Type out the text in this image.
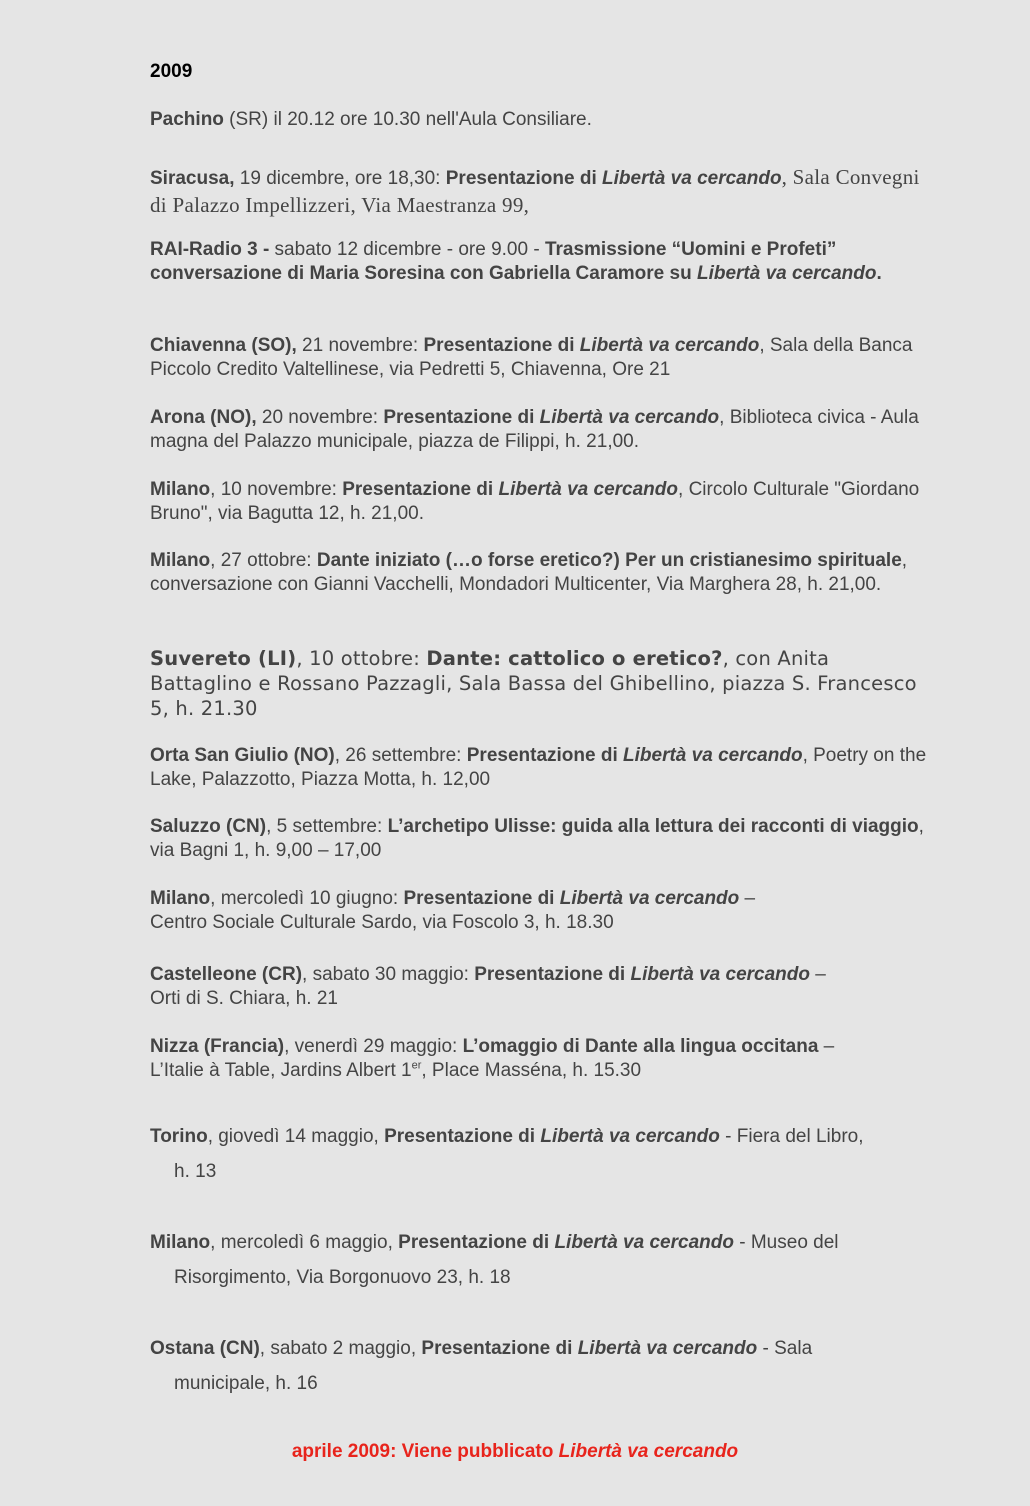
2009
Pachino (SR) il 20.12 ore 10.30 nell'Aula Consiliare.
Siracusa, 19 dicembre, ore 18,30: Presentazione di Libertà va cercando, Sala Convegni di Palazzo Impellizzeri, Via Maestranza 99,
RAI-Radio 3 - sabato 12 dicembre - ore 9.00 - Trasmissione “Uomini e Profeti” conversazione di Maria Soresina con Gabriella Caramore su Libertà va cercando.
Chiavenna (SO), 21 novembre: Presentazione di Libertà va cercando, Sala della Banca Piccolo Credito Valtellinese, via Pedretti 5, Chiavenna, Ore 21
Arona (NO), 20 novembre: Presentazione di Libertà va cercando, Biblioteca civica - Aula magna del Palazzo municipale, piazza de Filippi, h. 21,00.
Milano, 10 novembre: Presentazione di Libertà va cercando, Circolo Culturale "Giordano Bruno", via Bagutta 12, h. 21,00.
Milano, 27 ottobre: Dante iniziato (…o forse eretico?) Per un cristianesimo spirituale, conversazione con Gianni Vacchelli, Mondadori Multicenter, Via Marghera 28, h. 21,00.
Suvereto (LI), 10 ottobre: Dante: cattolico o eretico?, con Anita Battaglino e Rossano Pazzagli, Sala Bassa del Ghibellino, piazza S. Francesco 5, h. 21.30
Orta San Giulio (NO), 26 settembre: Presentazione di Libertà va cercando, Poetry on the Lake, Palazzotto, Piazza Motta, h. 12,00
Saluzzo (CN), 5 settembre: L’archetipo Ulisse: guida alla lettura dei racconti di viaggio, via Bagni 1, h. 9,00 – 17,00
Milano, mercoledì 10 giugno: Presentazione di Libertà va cercando –
Centro Sociale Culturale Sardo, via Foscolo 3, h. 18.30
Castelleone (CR), sabato 30 maggio: Presentazione di Libertà va cercando –
Orti di S. Chiara, h. 21
Nizza (Francia), venerdì 29 maggio: L’omaggio di Dante alla lingua occitana –
L’Italie à Table, Jardins Albert 1er, Place Masséna, h. 15.30
Torino, giovedì 14 maggio, Presentazione di Libertà va cercando - Fiera del Libro,
h. 13
Milano, mercoledì 6 maggio, Presentazione di Libertà va cercando - Museo del
Risorgimento, Via Borgonuovo 23, h. 18
Ostana (CN), sabato 2 maggio, Presentazione di Libertà va cercando - Sala
municipale, h. 16
aprile 2009: Viene pubblicato Libertà va cercando
